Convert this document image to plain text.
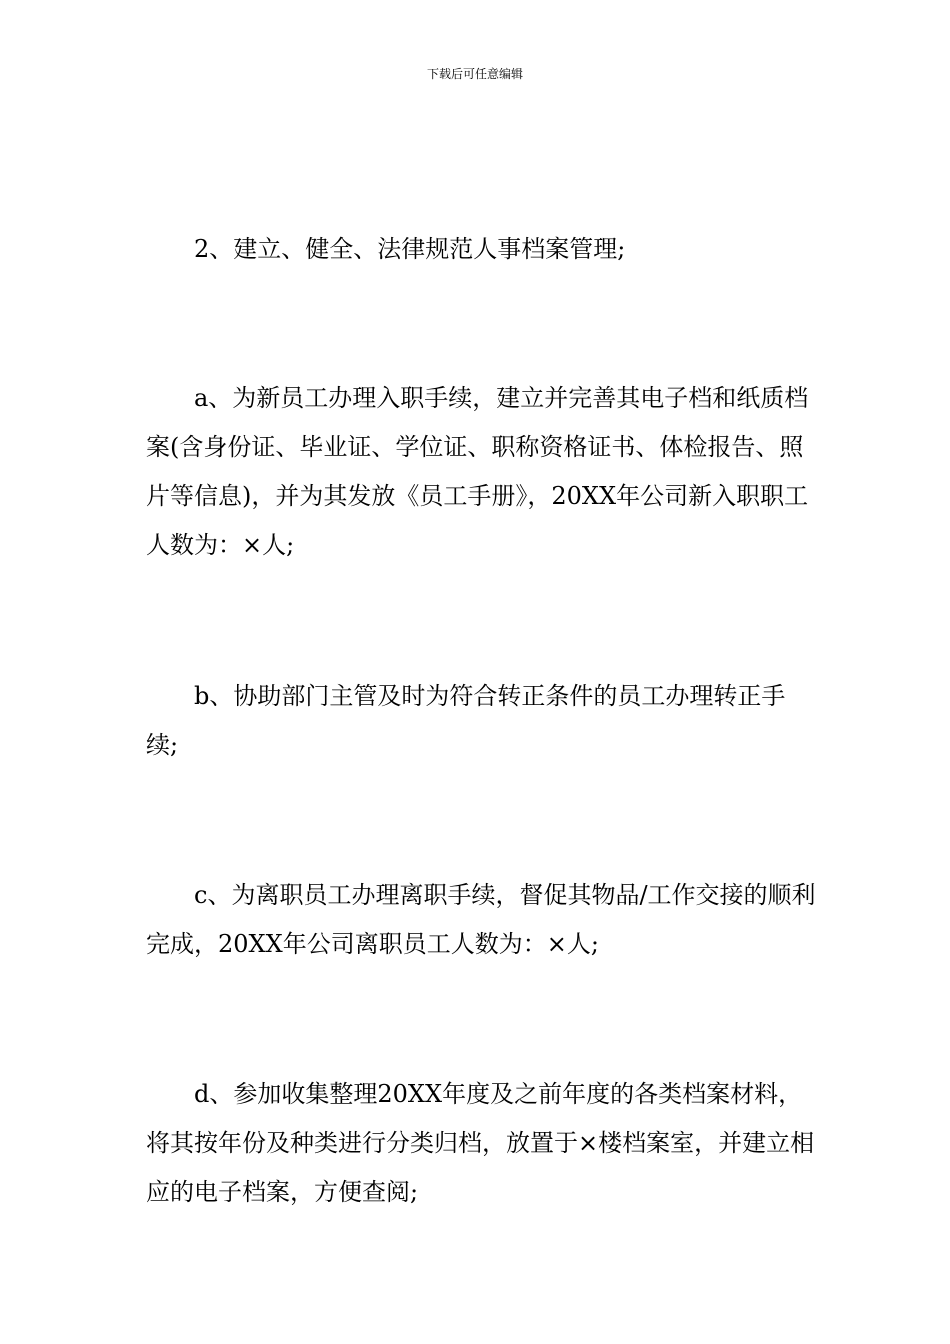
下载后可任意编辑

2、建立、健全、法律规范人事档案管理;

a、为新员工办理入职手续，建立并完善其电子档和纸质档案(含身份证、毕业证、学位证、职称资格证书、体检报告、照片等信息)，并为其发放《员工手册》，20XX年公司新入职职工人数为：×人;

b、协助部门主管及时为符合转正条件的员工办理转正手续;

c、为离职员工办理离职手续，督促其物品/工作交接的顺利完成，20XX年公司离职员工人数为：×人;

d、参加收集整理20XX年度及之前年度的各类档案材料，将其按年份及种类进行分类归档，放置于×楼档案室，并建立相应的电子档案，方便查阅;
